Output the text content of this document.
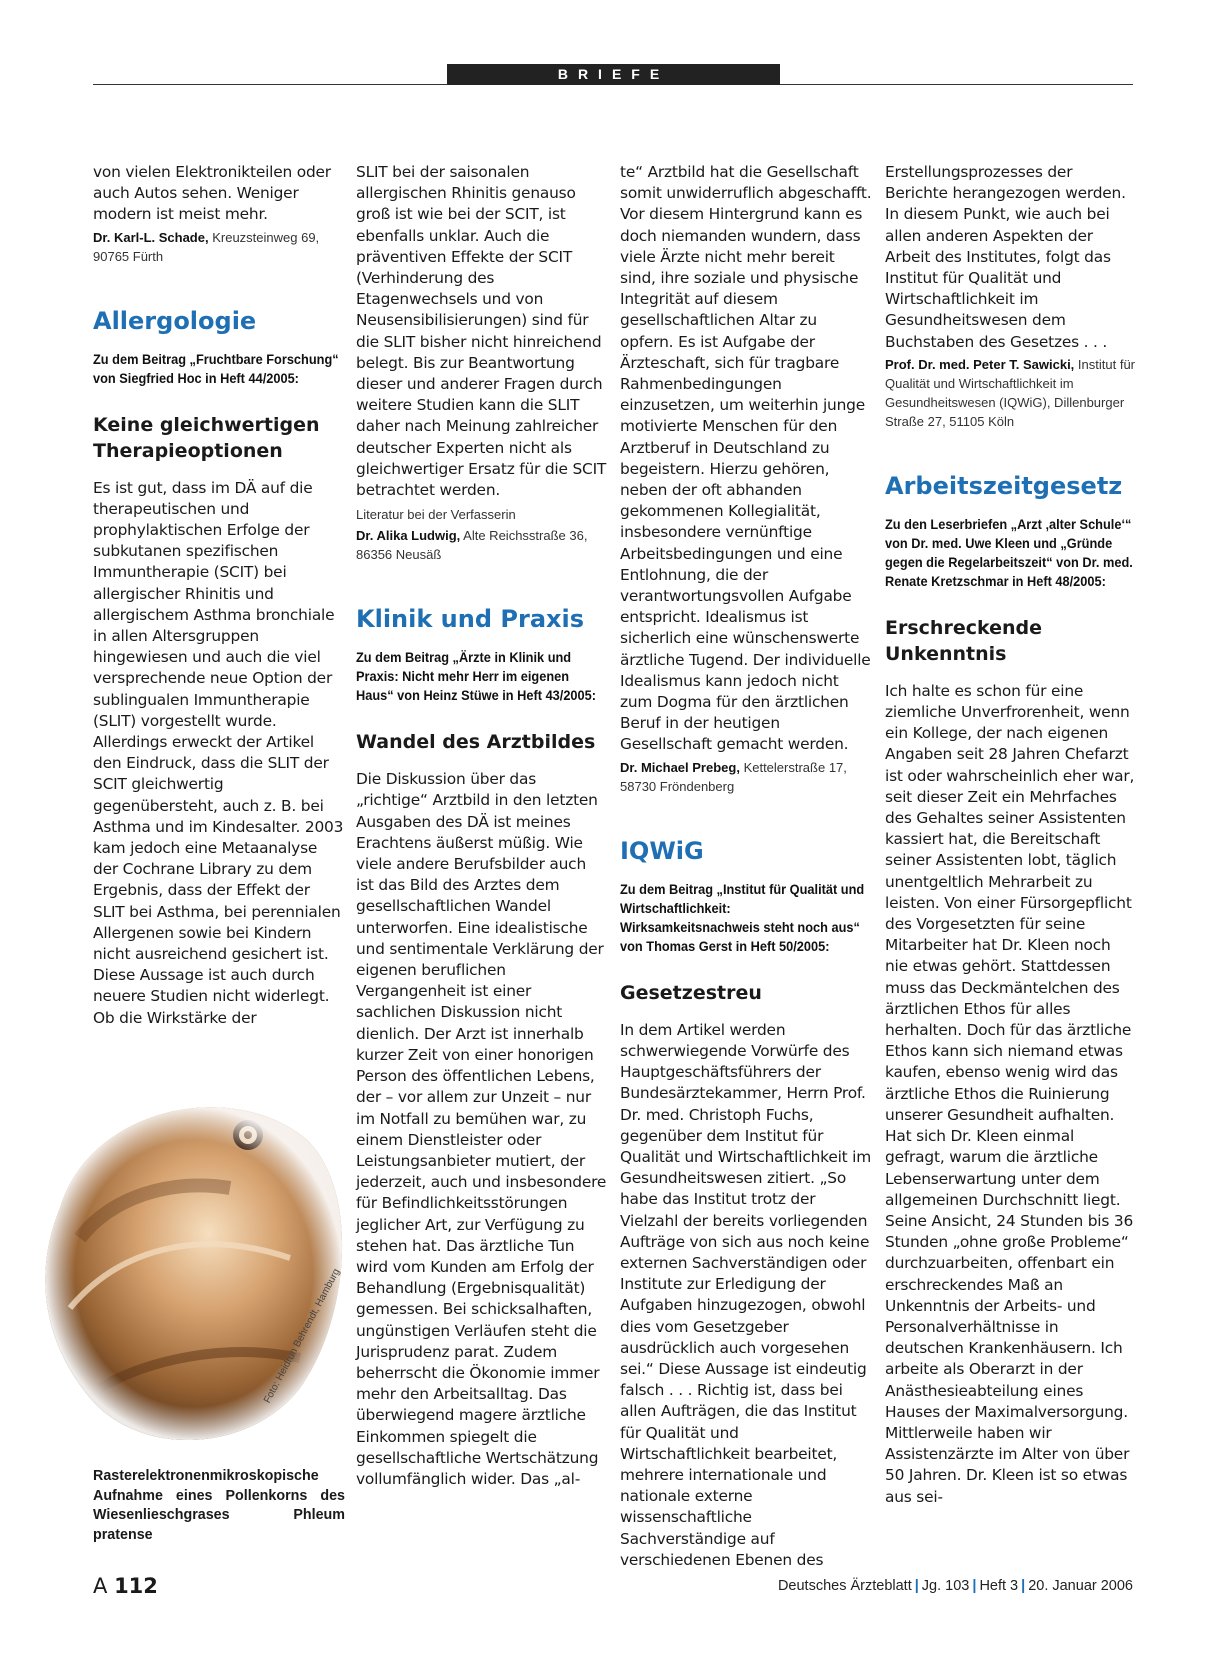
BRIEFE

von vielen Elektronikteilen oder auch Autos sehen. Weniger modern ist meist mehr.

Dr. Karl-L. Schade, Kreuzsteinweg 69, 90765 Fürth

Allergologie

Zu dem Beitrag „Fruchtbare Forschung“ von Siegfried Hoc in Heft 44/2005:

Keine gleichwertigen Therapieoptionen

Es ist gut, dass im DÄ auf die therapeutischen und prophylaktischen Erfolge der subkutanen spezifischen Immuntherapie (SCIT) bei allergischer Rhinitis und allergischem Asthma bronchiale in allen Altersgruppen hingewiesen und auch die viel versprechende neue Option der sublingualen Immuntherapie (SLIT) vorgestellt wurde. Allerdings erweckt der Artikel den Eindruck, dass die SLIT der SCIT gleichwertig gegenübersteht, auch z. B. bei Asthma und im Kindesalter. 2003 kam jedoch eine Metaanalyse der Cochrane Library zu dem Ergebnis, dass der Effekt der SLIT bei Asthma, bei perennialen Allergenen sowie bei Kindern nicht ausreichend gesichert ist. Diese Aussage ist auch durch neuere Studien nicht widerlegt. Ob die Wirkstärke der

Foto: Heidrun Behrendt, Hamburg
Rasterelektronenmikroskopische Aufnahme eines Pollenkorns des Wiesenlieschgrases Phleum pratense

SLIT bei der saisonalen allergischen Rhinitis genauso groß ist wie bei der SCIT, ist ebenfalls unklar. Auch die präventiven Effekte der SCIT (Verhinderung des Etagenwechsels und von Neusensibilisierungen) sind für die SLIT bisher nicht hinreichend belegt. Bis zur Beantwortung dieser und anderer Fragen durch weitere Studien kann die SLIT daher nach Meinung zahlreicher deutscher Experten nicht als gleichwertiger Ersatz für die SCIT betrachtet werden.

Literatur bei der Verfasserin

Dr. Alika Ludwig, Alte Reichsstraße 36, 86356 Neusäß

Klinik und Praxis

Zu dem Beitrag „Ärzte in Klinik und Praxis: Nicht mehr Herr im eigenen Haus“ von Heinz Stüwe in Heft 43/2005:

Wandel des Arztbildes

Die Diskussion über das „richtige“ Arztbild in den letzten Ausgaben des DÄ ist meines Erachtens äußerst müßig. Wie viele andere Berufsbilder auch ist das Bild des Arztes dem gesellschaftlichen Wandel unterworfen. Eine idealistische und sentimentale Verklärung der eigenen beruflichen Vergangenheit ist einer sachlichen Diskussion nicht dienlich. Der Arzt ist innerhalb kurzer Zeit von einer honorigen Person des öffentlichen Lebens, der – vor allem zur Unzeit – nur im Notfall zu bemühen war, zu einem Dienstleister oder Leistungsanbieter mutiert, der jederzeit, auch und insbesondere für Befindlichkeitsstörungen jeglicher Art, zur Verfügung zu stehen hat. Das ärztliche Tun wird vom Kunden am Erfolg der Behandlung (Ergebnisqualität) gemessen. Bei schicksalhaften, ungünstigen Verläufen steht die Jurisprudenz parat. Zudem beherrscht die Ökonomie immer mehr den Arbeitsalltag. Das überwiegend magere ärztliche Einkommen spiegelt die gesellschaftliche Wertschätzung vollumfänglich wider. Das „al-

te“ Arztbild hat die Gesellschaft somit unwiderruflich abgeschafft. Vor diesem Hintergrund kann es doch niemanden wundern, dass viele Ärzte nicht mehr bereit sind, ihre soziale und physische Integrität auf diesem gesellschaftlichen Altar zu opfern. Es ist Aufgabe der Ärzteschaft, sich für tragbare Rahmenbedingungen einzusetzen, um weiterhin junge motivierte Menschen für den Arztberuf in Deutschland zu begeistern. Hierzu gehören, neben der oft abhanden gekommenen Kollegialität, insbesondere vernünftige Arbeitsbedingungen und eine Entlohnung, die der verantwortungsvollen Aufgabe entspricht. Idealismus ist sicherlich eine wünschenswerte ärztliche Tugend. Der individuelle Idealismus kann jedoch nicht zum Dogma für den ärztlichen Beruf in der heutigen Gesellschaft gemacht werden.

Dr. Michael Prebeg, Kettelerstraße 17, 58730 Fröndenberg

IQWiG

Zu dem Beitrag „Institut für Qualität und Wirtschaftlichkeit: Wirksamkeitsnachweis steht noch aus“ von Thomas Gerst in Heft 50/2005:

Gesetzestreu

In dem Artikel werden schwerwiegende Vorwürfe des Hauptgeschäftsführers der Bundesärztekammer, Herrn Prof. Dr. med. Christoph Fuchs, gegenüber dem Institut für Qualität und Wirtschaftlichkeit im Gesundheitswesen zitiert. „So habe das Institut trotz der Vielzahl der bereits vorliegenden Aufträge von sich aus noch keine externen Sachverständigen oder Institute zur Erledigung der Aufgaben hinzugezogen, obwohl dies vom Gesetzgeber ausdrücklich auch vorgesehen sei.“ Diese Aussage ist eindeutig falsch . . . Richtig ist, dass bei allen Aufträgen, die das Institut für Qualität und Wirtschaftlichkeit bearbeitet, mehrere internationale und nationale externe wissenschaftliche Sachverständige auf verschiedenen Ebenen des

Erstellungsprozesses der Berichte herangezogen werden. In diesem Punkt, wie auch bei allen anderen Aspekten der Arbeit des Institutes, folgt das Institut für Qualität und Wirtschaftlichkeit im Gesundheitswesen dem Buchstaben des Gesetzes . . .

Prof. Dr. med. Peter T. Sawicki, Institut für Qualität und Wirtschaftlichkeit im Gesundheitswesen (IQWiG), Dillenburger Straße 27, 51105 Köln

Arbeitszeitgesetz

Zu den Leserbriefen „Arzt ‚alter Schule‘“ von Dr. med. Uwe Kleen und „Gründe gegen die Regelarbeitszeit“ von Dr. med. Renate Kretzschmar in Heft 48/2005:

Erschreckende Unkenntnis

Ich halte es schon für eine ziemliche Unverfrorenheit, wenn ein Kollege, der nach eigenen Angaben seit 28 Jahren Chefarzt ist oder wahrscheinlich eher war, seit dieser Zeit ein Mehrfaches des Gehaltes seiner Assistenten kassiert hat, die Bereitschaft seiner Assistenten lobt, täglich unentgeltlich Mehrarbeit zu leisten. Von einer Fürsorgepflicht des Vorgesetzten für seine Mitarbeiter hat Dr. Kleen noch nie etwas gehört. Stattdessen muss das Deckmäntelchen des ärztlichen Ethos für alles herhalten. Doch für das ärztliche Ethos kann sich niemand etwas kaufen, ebenso wenig wird das ärztliche Ethos die Ruinierung unserer Gesundheit aufhalten. Hat sich Dr. Kleen einmal gefragt, warum die ärztliche Lebenserwartung unter dem allgemeinen Durchschnitt liegt. Seine Ansicht, 24 Stunden bis 36 Stunden „ohne große Probleme“ durchzuarbeiten, offenbart ein erschreckendes Maß an Unkenntnis der Arbeits- und Personalverhältnisse in deutschen Krankenhäusern. Ich arbeite als Oberarzt in der Anästhesieabteilung eines Hauses der Maximalversorgung. Mittlerweile haben wir Assistenzärzte im Alter von über 50 Jahren. Dr. Kleen ist so etwas aus sei-

A 112	Deutsches Ärzteblatt | Jg. 103 | Heft 3 | 20. Januar 2006
